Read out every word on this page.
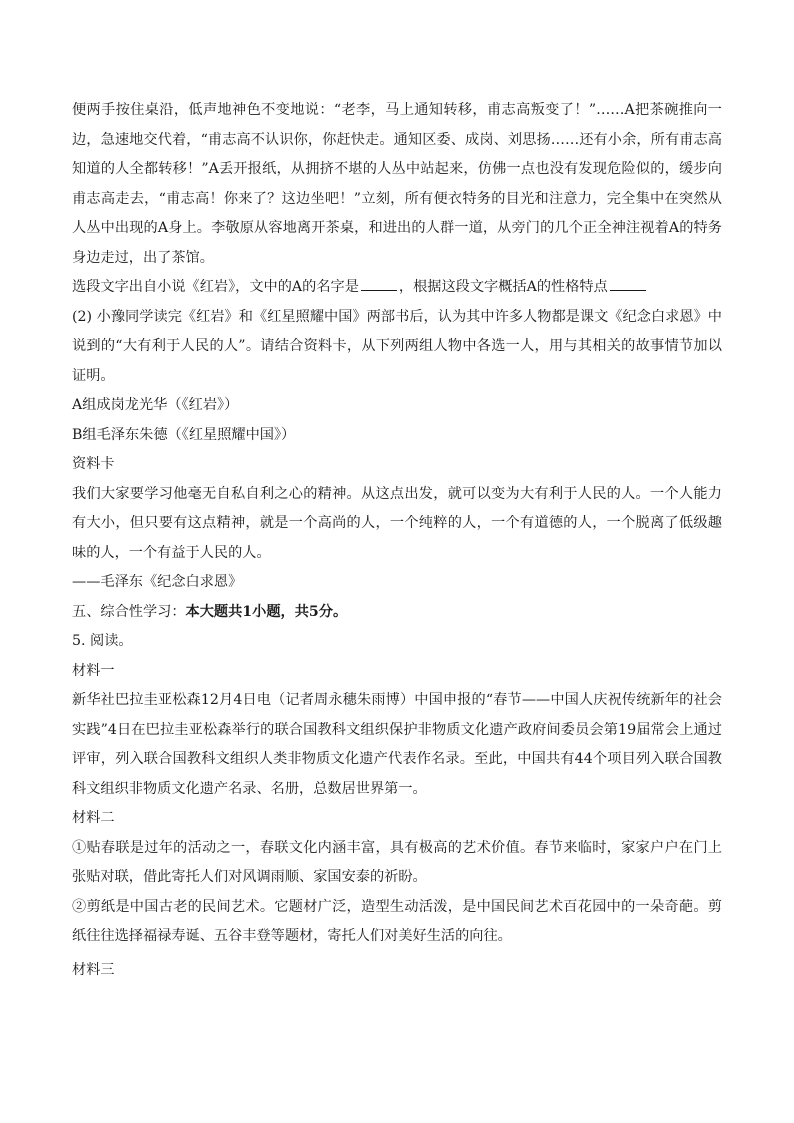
便两手按住桌沿，低声地神色不变地说：“老李，马上通知转移，甫志高叛变了！”……A把茶碗推向一边，急速地交代着，“甫志高不认识你，你赶快走。通知区委、成岗、刘思扬……还有小余，所有甫志高知道的人全都转移！”A丢开报纸，从拥挤不堪的人丛中站起来，仿佛一点也没有发现危险似的，缓步向甫志高走去，“甫志高！你来了？这边坐吧！”立刻，所有便衣特务的目光和注意力，完全集中在突然从人丛中出现的A身上。李敬原从容地离开茶桌，和进出的人群一道，从旁门的几个正全神注视着A的特务身边走过，出了茶馆。

选段文字出自小说《红岩》，文中的A的名字是	，根据这段文字概括A的性格特点

(2) 小豫同学读完《红岩》和《红星照耀中国》两部书后，认为其中许多人物都是课文《纪念白求恩》中说到的“大有利于人民的人”。请结合资料卡，从下列两组人物中各选一人，用与其相关的故事情节加以证明。

A组成岗龙光华（《红岩》）

B组毛泽东朱德（《红星照耀中国》）

资料卡

我们大家要学习他毫无自私自利之心的精神。从这点出发，就可以变为大有利于人民的人。一个人能力有大小，但只要有这点精神，就是一个高尚的人，一个纯粹的人，一个有道德的人，一个脱离了低级趣味的人，一个有益于人民的人。

——毛泽东《纪念白求恩》

五、综合性学习：本大题共1小题，共5分。

5. 阅读。

材料一

新华社巴拉圭亚松森12月4日电（记者周永穗朱雨博）中国申报的“春节——中国人庆祝传统新年的社会实践”4日在巴拉圭亚松森举行的联合国教科文组织保护非物质文化遗产政府间委员会第19届常会上通过评审，列入联合国教科文组织人类非物质文化遗产代表作名录。至此，中国共有44个项目列入联合国教科文组织非物质文化遗产名录、名册，总数居世界第一。

材料二

①贴春联是过年的活动之一，春联文化内涵丰富，具有极高的艺术价值。春节来临时，家家户户在门上张贴对联，借此寄托人们对风调雨顺、家国安泰的祈盼。

②剪纸是中国古老的民间艺术。它题材广泛，造型生动活泼，是中国民间艺术百花园中的一朵奇葩。剪纸往往选择福禄寿诞、五谷丰登等题材，寄托人们对美好生活的向往。

材料三
